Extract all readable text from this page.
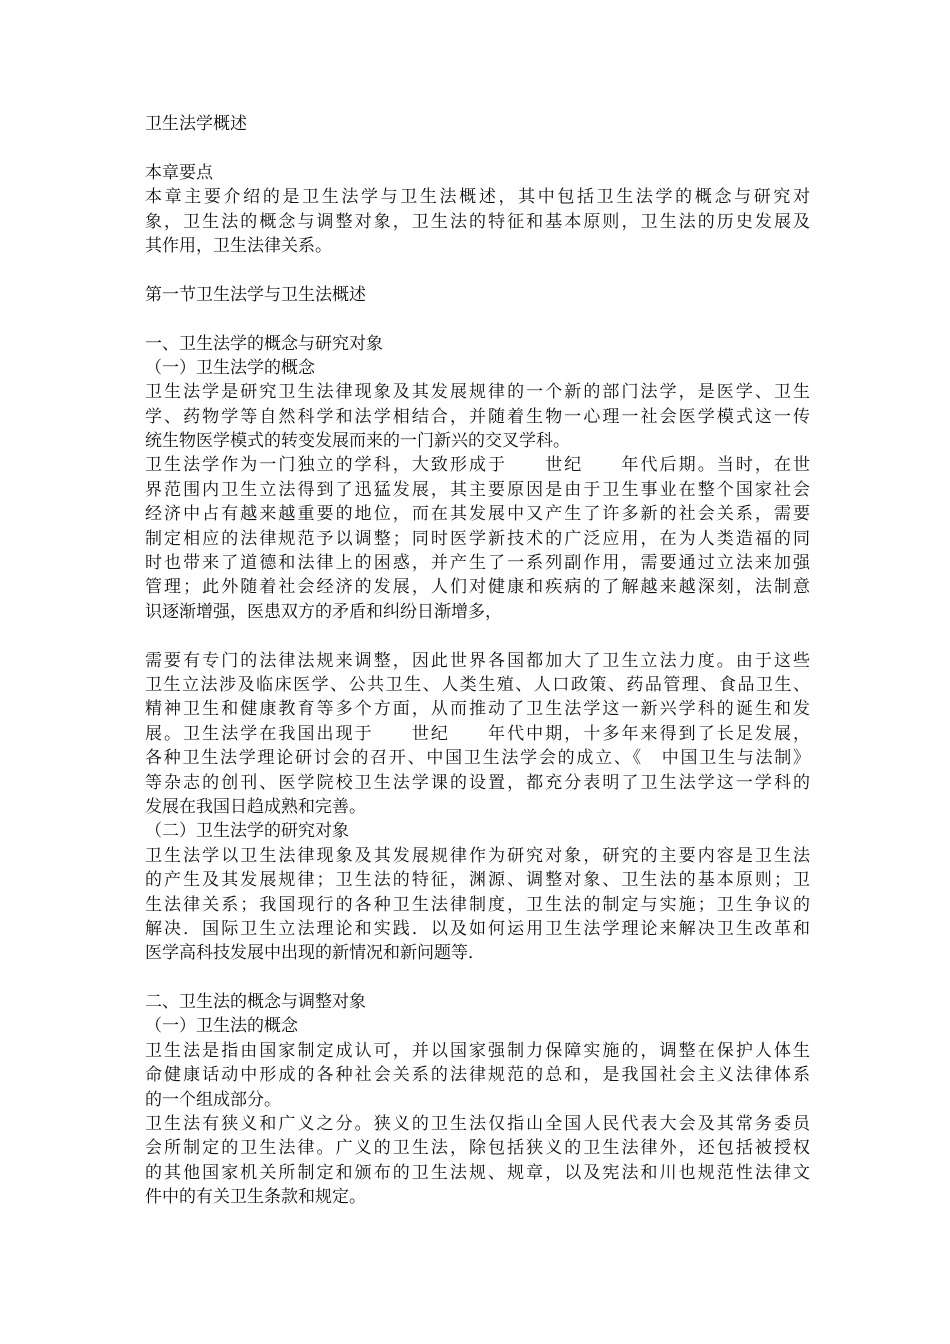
卫生法学概述
本章要点
本章主要介绍的是卫生法学与卫生法概述，其中包括卫生法学的概念与研究对
象，卫生法的概念与调整对象，卫生法的特征和基本原则，卫生法的历史发展及
其作用，卫生法律关系。
第一节卫生法学与卫生法概述
一、卫生法学的概念与研究对象
（一）卫生法学的概念
卫生法学是研究卫生法律现象及其发展规律的一个新的部门法学，是医学、卫生
学、药物学等自然科学和法学相结合，并随着生物一心理一社会医学模式这一传
统生物医学模式的转变发展而来的一门新兴的交叉学科。
卫生法学作为一门独立的学科，大致形成于　　世纪　　年代后期。当时，在世
界范围内卫生立法得到了迅猛发展，其主要原因是由于卫生事业在整个国家社会
经济中占有越来越重要的地位，而在其发展中又产生了许多新的社会关系，需要
制定相应的法律规范予以调整；同时医学新技术的广泛应用，在为人类造福的同
时也带来了道德和法律上的困惑，并产生了一系列副作用，需要通过立法来加强
管理；此外随着社会经济的发展，人们对健康和疾病的了解越来越深刻，法制意
识逐渐增强，医患双方的矛盾和纠纷日渐增多，
需要有专门的法律法规来调整，因此世界各国都加大了卫生立法力度。由于这些
卫生立法涉及临床医学、公共卫生、人类生殖、人口政策、药品管理、食品卫生、
精神卫生和健康教育等多个方面，从而推动了卫生法学这一新兴学科的诞生和发
展。卫生法学在我国出现于　　世纪　　年代中期，十多年来得到了长足发展，
各种卫生法学理论研讨会的召开、中国卫生法学会的成立、《　中国卫生与法制》
等杂志的创刊、医学院校卫生法学课的设置，都充分表明了卫生法学这一学科的
发展在我国日趋成熟和完善。
（二）卫生法学的研究对象
卫生法学以卫生法律现象及其发展规律作为研究对象，研究的主要内容是卫生法
的产生及其发展规律；卫生法的特征，渊源、调整对象、卫生法的基本原则；卫
生法律关系；我国现行的各种卫生法律制度，卫生法的制定与实施；卫生争议的
解决．国际卫生立法理论和实践．以及如何运用卫生法学理论来解决卫生改革和
医学高科技发展中出现的新情况和新问题等．
二、卫生法的概念与调整对象
（一）卫生法的概念
卫生法是指由国家制定成认可，并以国家强制力保障实施的，调整在保护人体生
命健康话动中形成的各种社会关系的法律规范的总和，是我国社会主义法律体系
的一个组成部分。
卫生法有狭义和广义之分。狭义的卫生法仅指山全国人民代表大会及其常务委员
会所制定的卫生法律。广义的卫生法，除包括狭义的卫生法律外，还包括被授权
的其他国家机关所制定和颁布的卫生法规、规章，以及宪法和川也规范性法律文
件中的有关卫生条款和规定。
